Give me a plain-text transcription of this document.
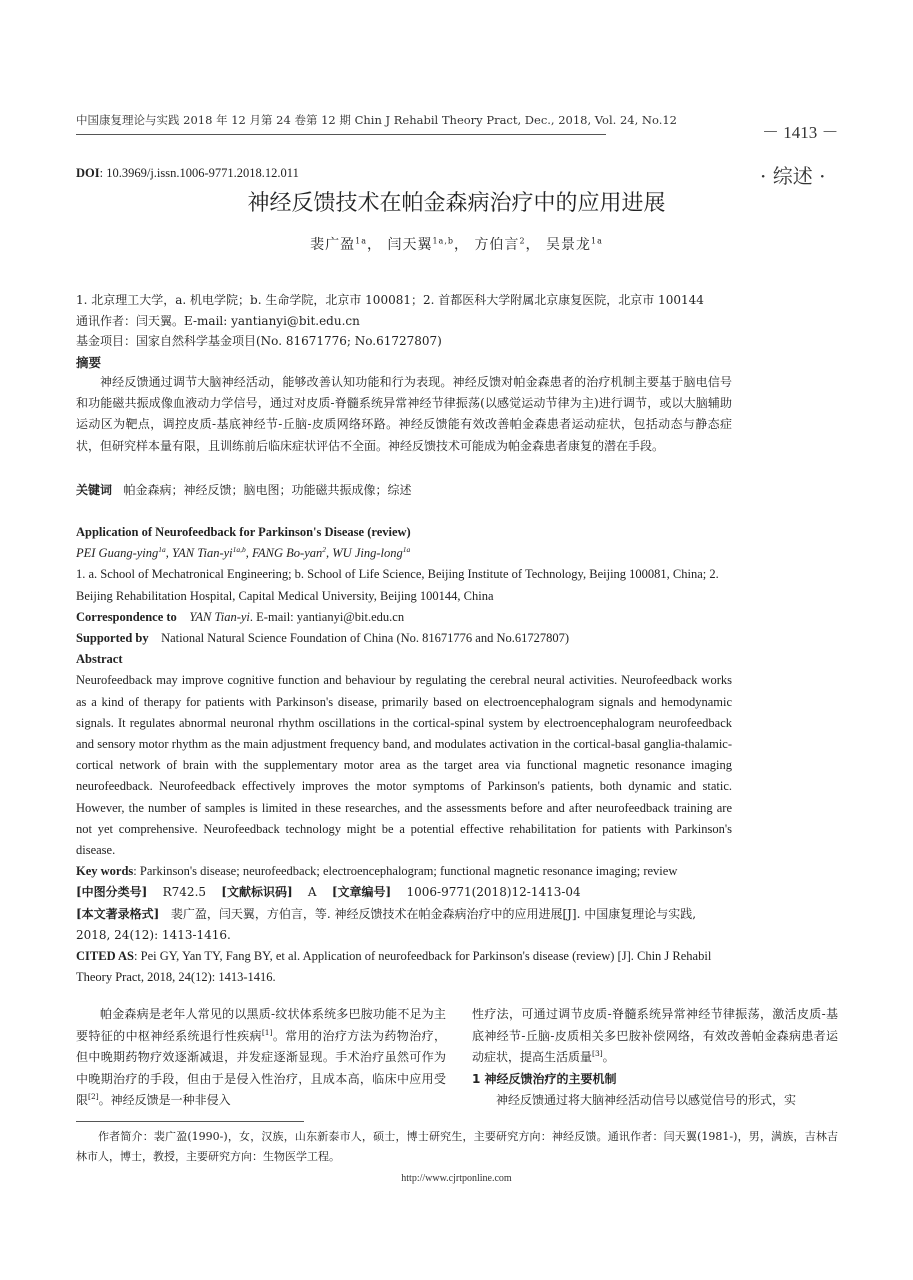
中国康复理论与实践 2018 年 12 月第 24 卷第 12 期 Chin J Rehabil Theory Pract, Dec., 2018, Vol. 24, No.12
－ 1413 －
· 综述 ·
DOI: 10.3969/j.issn.1006-9771.2018.12.011
神经反馈技术在帕金森病治疗中的应用进展
裴广盈$^{1a}$， 闫天翼$^{1a,b}$， 方伯言$^2$， 吴景龙$^{1a}$
1. 北京理工大学，a. 机电学院；b. 生命学院，北京市 100081；2. 首都医科大学附属北京康复医院，北京市 100144
通讯作者：闫天翼。E-mail: yantianyi@bit.edu.cn
基金项目：国家自然科学基金项目(No. 81671776; No.61727807)
摘要
神经反馈通过调节大脑神经活动，能够改善认知功能和行为表现。神经反馈对帕金森患者的治疗机制主要基于脑电信号和功能磁共振成像血液动力学信号，通过对皮质-脊髓系统异常神经节律振荡(以感觉运动节律为主)进行调节，或以大脑辅助运动区为靶点，调控皮质-基底神经节-丘脑-皮质网络环路。神经反馈能有效改善帕金森患者运动症状，包括动态与静态症状，但研究样本量有限，且训练前后临床症状评估不全面。神经反馈技术可能成为帕金森患者康复的潜在手段。
关键词 帕金森病；神经反馈；脑电图；功能磁共振成像；综述

Application of Neurofeedback for Parkinson's Disease (review)

PEI Guang-ying$^{1a}$, YAN Tian-$yi^{1a,b}$, FANG Bo-yan$^2$, WU Jing-long$^{1a}$

1. a. School of Mechatronical Engineering; b. School of Life Science, Beijing Institute of Technology, Beijing 100081, China; 2. Beijing Rehabilitation Hospital, Capital Medical University, Beijing 100144, China

Correspondence to YAN Tian-yi. E-mail: yantianyi@bit.edu.cn

Supported by National Natural Science Foundation of China (No. 81671776 and No.61727807)

Abstract

Neurofeedback may improve cognitive function and behaviour by regulating the cerebral neural activities. Neurofeedback works as a kind of therapy for patients with Parkinson's disease, primarily based on electroencephalogram signals and hemodynamic signals. It regulates abnormal neuronal rhythm oscillations in the cortical-spinal system by electroencephalogram neurofeedback and sensory motor rhythm as the main adjustment frequency band, and modulates activation in the cortical-basal ganglia-thalamic-cortical network of brain with the supplementary motor area as the target area via functional magnetic resonance imaging neurofeedback. Neurofeedback effectively improves the motor symptoms of Parkinson's patients, both dynamic and static. However, the number of samples is limited in these researches, and the assessments before and after neurofeedback training are not yet comprehensive. Neurofeedback technology might be a potential effective rehabilitation for patients with Parkinson's disease.

Key words: Parkinson's disease; neurofeedback; electroencephalogram; functional magnetic resonance imaging; review

[中图分类号] R742.5 [文献标识码] A [文章编号] 1006-9771(2018)12-1413-04

[本文著录格式] 裴广盈，闫天翼，方伯言，等. 神经反馈技术在帕金森病治疗中的应用进展[J]. 中国康复理论与实践, 2018, 24(12): 1413-1416.

CITED AS: Pei GY, Yan TY, Fang BY, et al. Application of neurofeedback for Parkinson's disease (review) [J]. Chin J Rehabil Theory Pract, 2018, 24(12): 1413-1416.

帕金森病是老年人常见的以黑质-纹状体系统多巴胺功能不足为主要特征的中枢神经系统退行性疾病[1]。常用的治疗方法为药物治疗，但中晚期药物疗效逐渐减退，并发症逐渐显现。手术治疗虽然可作为中晚期治疗的手段，但由于是侵入性治疗，且成本高，临床中应用受限[2]。神经反馈是一种非侵入
性疗法，可通过调节皮质-脊髓系统异常神经节律振荡，激活皮质-基底神经节-丘脑-皮质相关多巴胺补偿网络，有效改善帕金森病患者运动症状，提高生活质量[3]。
1 神经反馈治疗的主要机制
神经反馈通过将大脑神经活动信号以感觉信号的形式，实
作者简介：裴广盈(1990-)，女，汉族，山东新泰市人，硕士，博士研究生，主要研究方向：神经反馈。通讯作者：闫天翼(1981-)，男，满族，吉林吉林市人，博士，教授，主要研究方向：生物医学工程。
http://www.cjrtponline.com
